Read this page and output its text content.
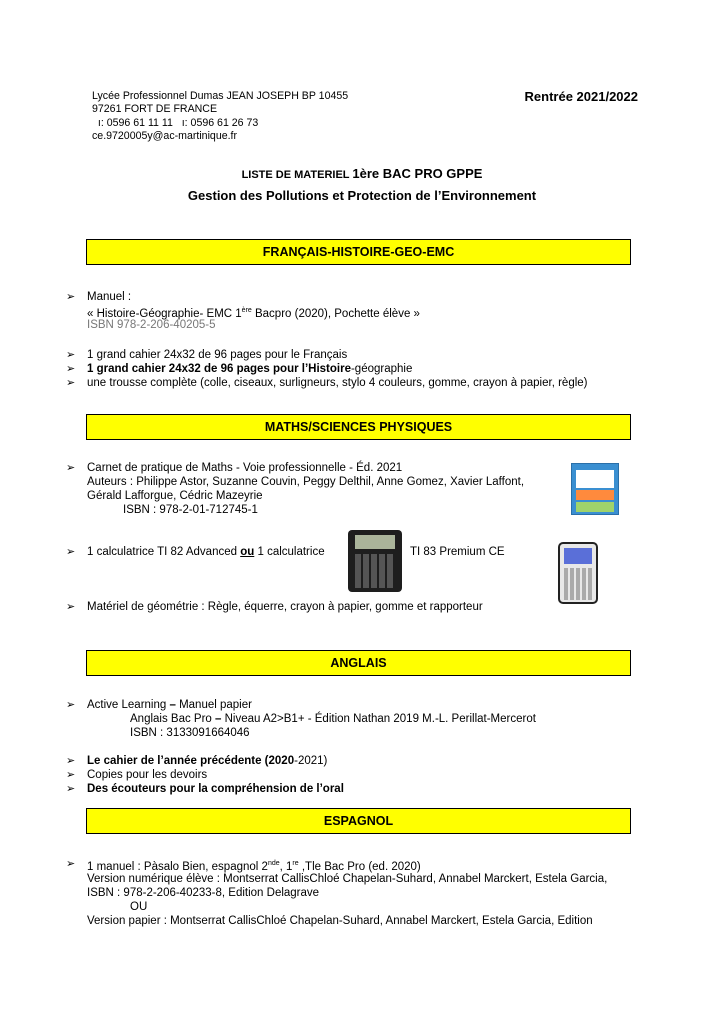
Lycée Professionnel Dumas JEAN JOSEPH BP 10455
97261 FORT DE FRANCE
ı: 0596 61 11 11   ı: 0596 61 26 73
ce.9720005y@ac-martinique.fr
Rentrée 2021/2022
LISTE DE MATERIEL 1ère BAC PRO GPPE
Gestion des Pollutions et Protection de l’Environnement
FRANÇAIS-HISTOIRE-GEO-EMC
➢ Manuel :
« Histoire-Géographie- EMC 1ère Bacpro (2020), Pochette élève »
ISBN 978-2-206-40205-5
➢ 1 grand cahier 24x32 de 96 pages pour le Français
➢ 1 grand cahier 24x32 de 96 pages pour l’Histoire-géographie
➢ une trousse complète (colle, ciseaux, surligneurs, stylo 4 couleurs, gomme, crayon à papier, règle)
MATHS/SCIENCES PHYSIQUES
➢ Carnet de pratique de Maths - Voie professionnelle - Éd. 2021
Auteurs : Philippe Astor, Suzanne Couvin, Peggy Delthil, Anne Gomez, Xavier Laffont,
Gérald Lafforgue, Cédric Mazeyrie
ISBN : 978-2-01-712745-1
➢ 1 calculatrice TI 82 Advanced ou 1 calculatrice	TI 83 Premium CE
➢ Matériel de géométrie : Règle, équerre, crayon à papier, gomme et rapporteur
ANGLAIS
➢ Active Learning – Manuel papier
Anglais Bac Pro – Niveau A2>B1+ - Édition Nathan 2019 M.-L. Perillat-Mercerot
ISBN : 3133091664046
➢ Le cahier de l’année précédente (2020-2021)
➢ Copies pour les devoirs
➢ Des écouteurs pour la compréhension de l’oral
ESPAGNOL
➢ 1 manuel : Pàsalo Bien, espagnol 2nde, 1re ,Tle Bac Pro (ed. 2020)
Version numérique élève : Montserrat CallisChloé Chapelan-Suhard, Annabel Marckert, Estela Garcia,
ISBN : 978-2-206-40233-8, Edition Delagrave
OU
Version papier : Montserrat CallisChloé Chapelan-Suhard, Annabel Marckert, Estela Garcia, Edition
